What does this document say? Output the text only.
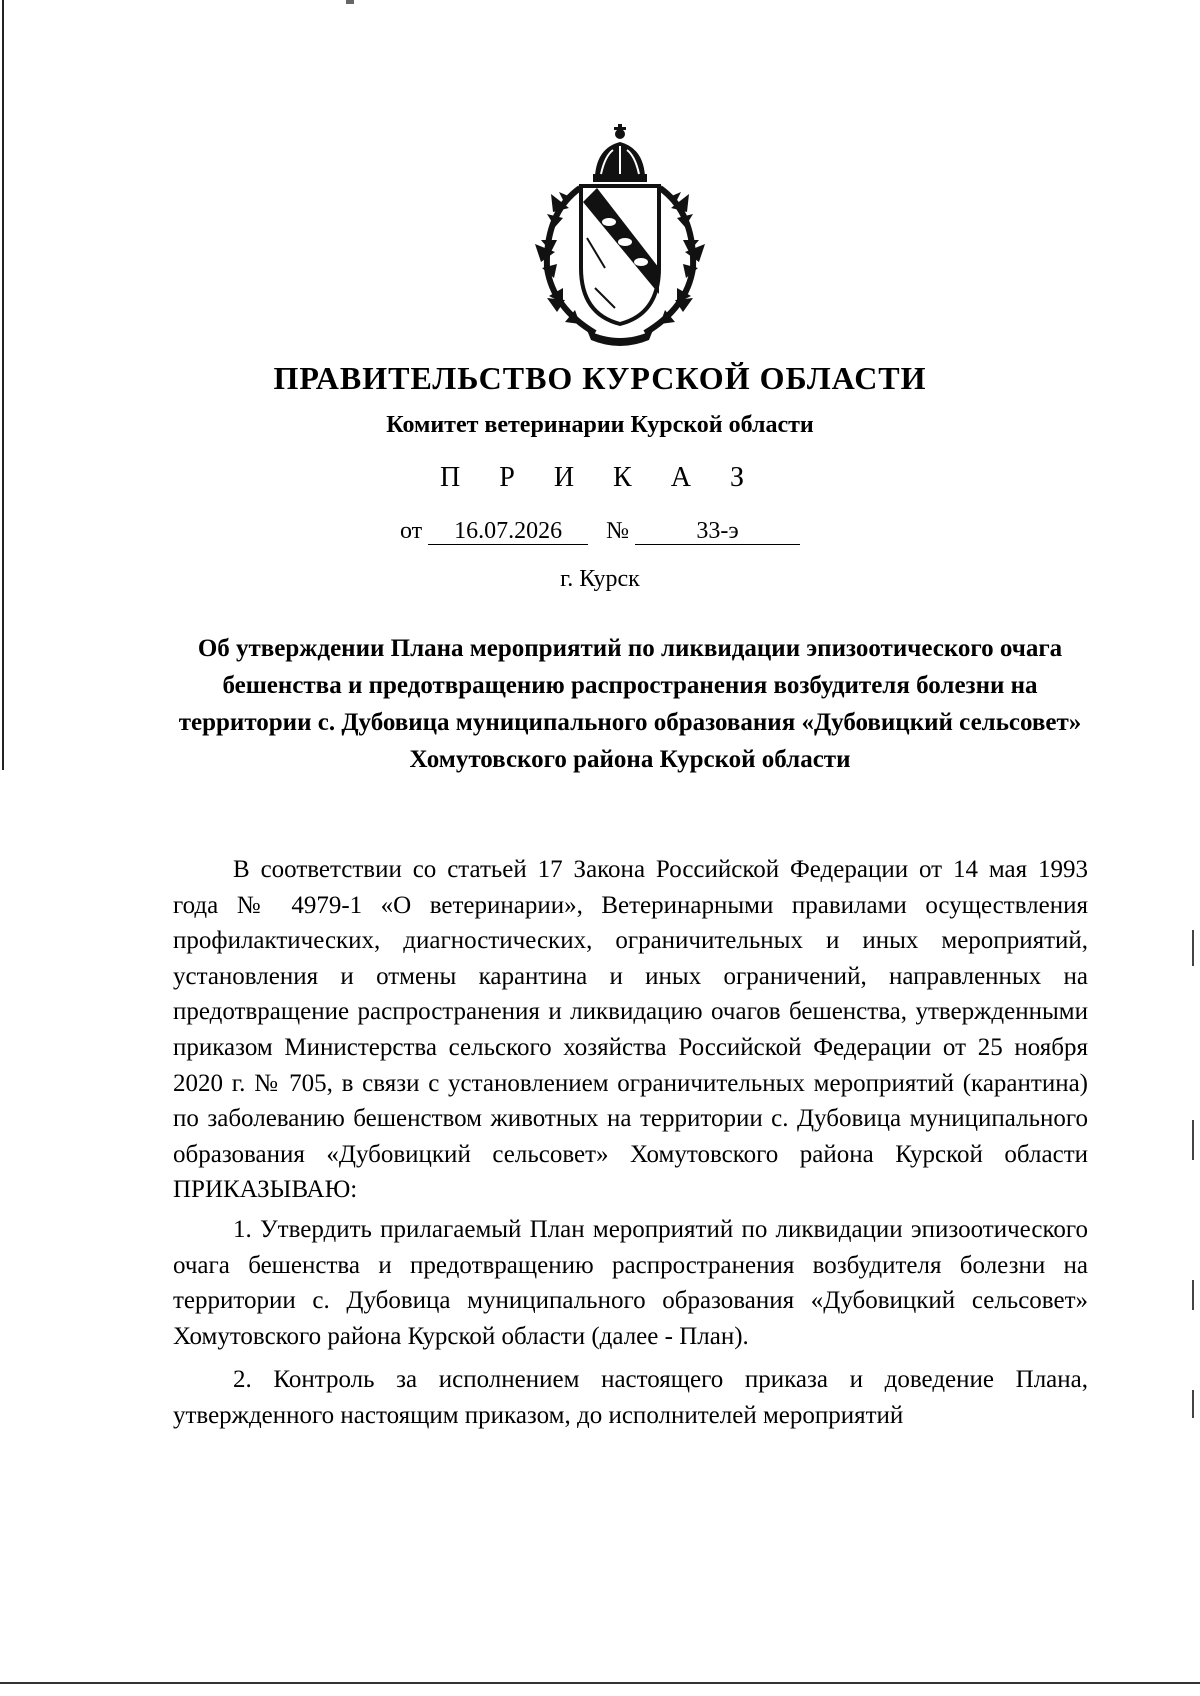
ПРАВИТЕЛЬСТВО КУРСКОЙ ОБЛАСТИ
Комитет ветеринарии Курской области
П Р И К А З
от 16.07.2026 №	33-э
г. Курск
Об утверждении Плана мероприятий по ликвидации эпизоотического очага бешенства и предотвращению распространения возбудителя болезни на территории с. Дубовица муниципального образования «Дубовицкий сельсовет» Хомутовского района Курской области

В соответствии со статьей 17 Закона Российской Федерации от 14 мая 1993 года № 4979-1 «О ветеринарии», Ветеринарными правилами осуществления профилактических, диагностических, ограничительных и иных мероприятий, установления и отмены карантина и иных ограничений, направленных на предотвращение распространения и ликвидацию очагов бешенства, утвержденными приказом Министерства сельского хозяйства Российской Федерации от 25 ноября 2020 г. № 705, в связи с установлением ограничительных мероприятий (карантина) по заболеванию бешенством животных на территории с. Дубовица муниципального образования «Дубовицкий сельсовет» Хомутовского района Курской области ПРИКАЗЫВАЮ:

1. Утвердить прилагаемый План мероприятий по ликвидации эпизоотического очага бешенства и предотвращению распространения возбудителя болезни на территории с. Дубовица муниципального образования «Дубовицкий сельсовет» Хомутовского района Курской области (далее - План).

2. Контроль за исполнением настоящего приказа и доведение Плана, утвержденного настоящим приказом, до исполнителей мероприятий
